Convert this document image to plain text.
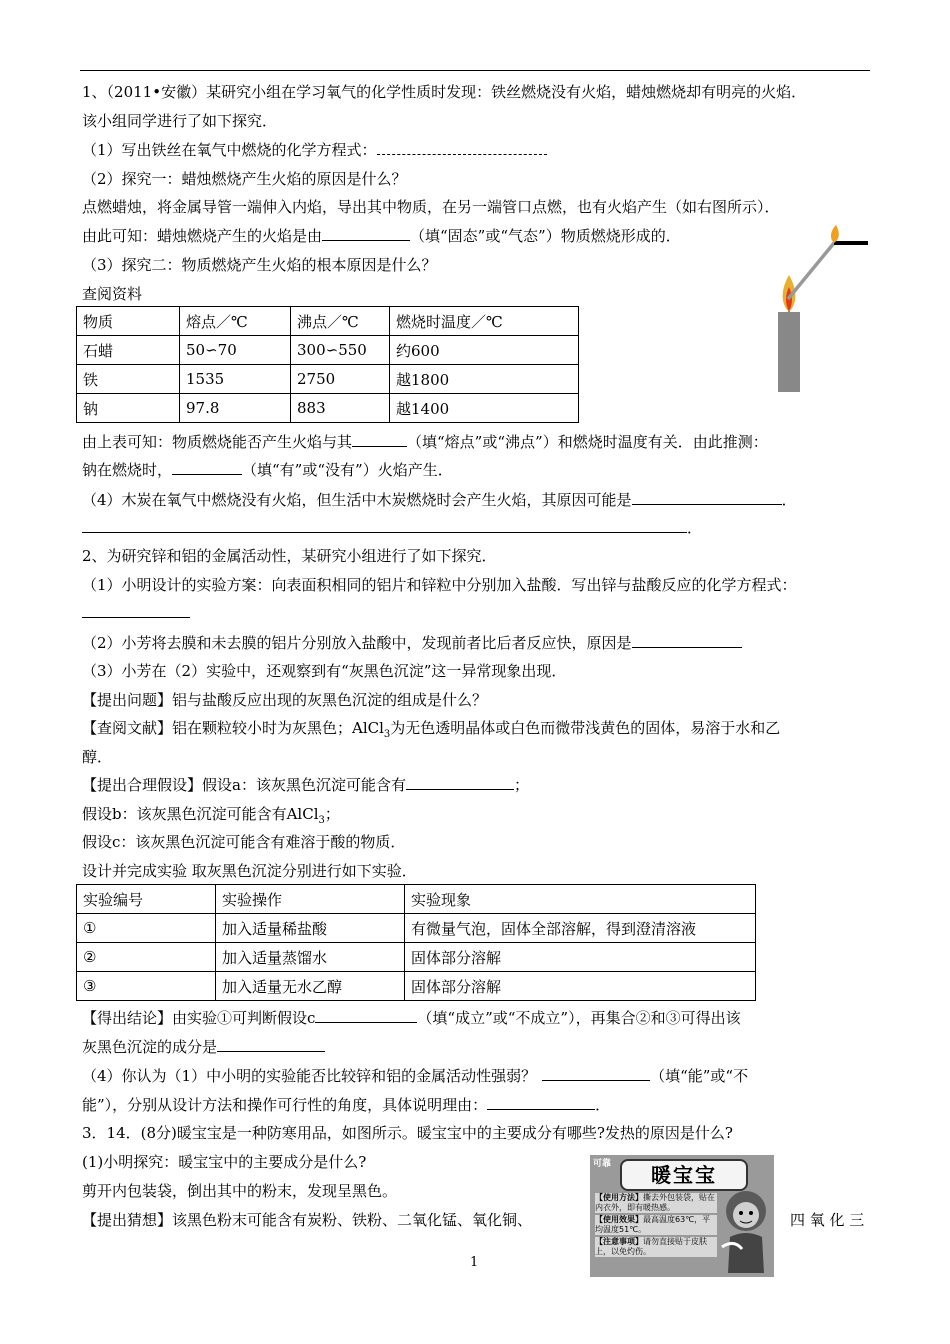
1、（2011•安徽）某研究小组在学习氧气的化学性质时发现：铁丝燃烧没有火焰，蜡烛燃烧却有明亮的火焰．
该小组同学进行了如下探究．
（1）写出铁丝在氧气中燃烧的化学方程式：
（2）探究一：蜡烛燃烧产生火焰的原因是什么？
点燃蜡烛，将金属导管一端伸入内焰，导出其中物质，在另一端管口点燃，也有火焰产生（如右图所示）．
由此可知：蜡烛燃烧产生的火焰是由	（填“固态”或“气态”）物质燃烧形成的．
（3）探究二：物质燃烧产生火焰的根本原因是什么？
查阅资料
物质	熔点／℃	沸点／℃	燃烧时温度／℃
石蜡	50∽70	300∽550	约600
铁	1535	2750	越1800
钠	97.8	883	越1400
由上表可知：物质燃烧能否产生火焰与其	（填“熔点”或“沸点”）和燃烧时温度有关．由此推测：
钠在燃烧时，	（填“有”或“没有”）火焰产生．
（4）木炭在氧气中燃烧没有火焰，但生活中木炭燃烧时会产生火焰，其原因可能是	．
．
2、为研究锌和铝的金属活动性，某研究小组进行了如下探究．
（1）小明设计的实验方案：向表面积相同的铝片和锌粒中分别加入盐酸．写出锌与盐酸反应的化学方程式：
（2）小芳将去膜和未去膜的铝片分别放入盐酸中，发现前者比后者反应快，原因是
（3）小芳在（2）实验中，还观察到有“灰黑色沉淀”这一异常现象出现．
【提出问题】铝与盐酸反应出现的灰黑色沉淀的组成是什么？
【查阅文献】铝在颗粒较小时为灰黑色；AlCl$_3$为无色透明晶体或白色而微带浅黄色的固体，易溶于水和乙
醇．
【提出合理假设】假设a：该灰黑色沉淀可能含有	；
假设b：该灰黑色沉淀可能含有AlCl$_3$；
假设c：该灰黑色沉淀可能含有难溶于酸的物质．
设计并完成实验 取灰黑色沉淀分别进行如下实验．
实验编号	实验操作	实验现象
①	加入适量稀盐酸	有微量气泡，固体全部溶解，得到澄清溶液
②	加入适量蒸馏水	固体部分溶解
③	加入适量无水乙醇	固体部分溶解
【得出结论】由实验①可判断假设c	（填“成立”或“不成立”），再集合②和③可得出该
灰黑色沉淀的成分是
（4）你认为（1）中小明的实验能否比较锌和铝的金属活动性强弱？	（填“能”或“不
能”），分别从设计方法和操作可行性的角度，具体说明理由：	．
3．14．(8分)暖宝宝是一种防寒用品，如图所示。暖宝宝中的主要成分有哪些?发热的原因是什么?
(1)小明探究：暖宝宝中的主要成分是什么?
剪开内包装袋，倒出其中的粉末，发现呈黑色。
【提出猜想】该黑色粉末可能含有炭粉、铁粉、二氧化锰、氧化铜、	四 氧 化 三
可靠	暖宝宝
【使用方法】撕去外包装袋，贴在内衣外，即有暖热感。
【使用效果】最高温度63℃，平均温度51℃。
【注意事项】请勿直接贴于皮肤上，以免灼伤。
1
